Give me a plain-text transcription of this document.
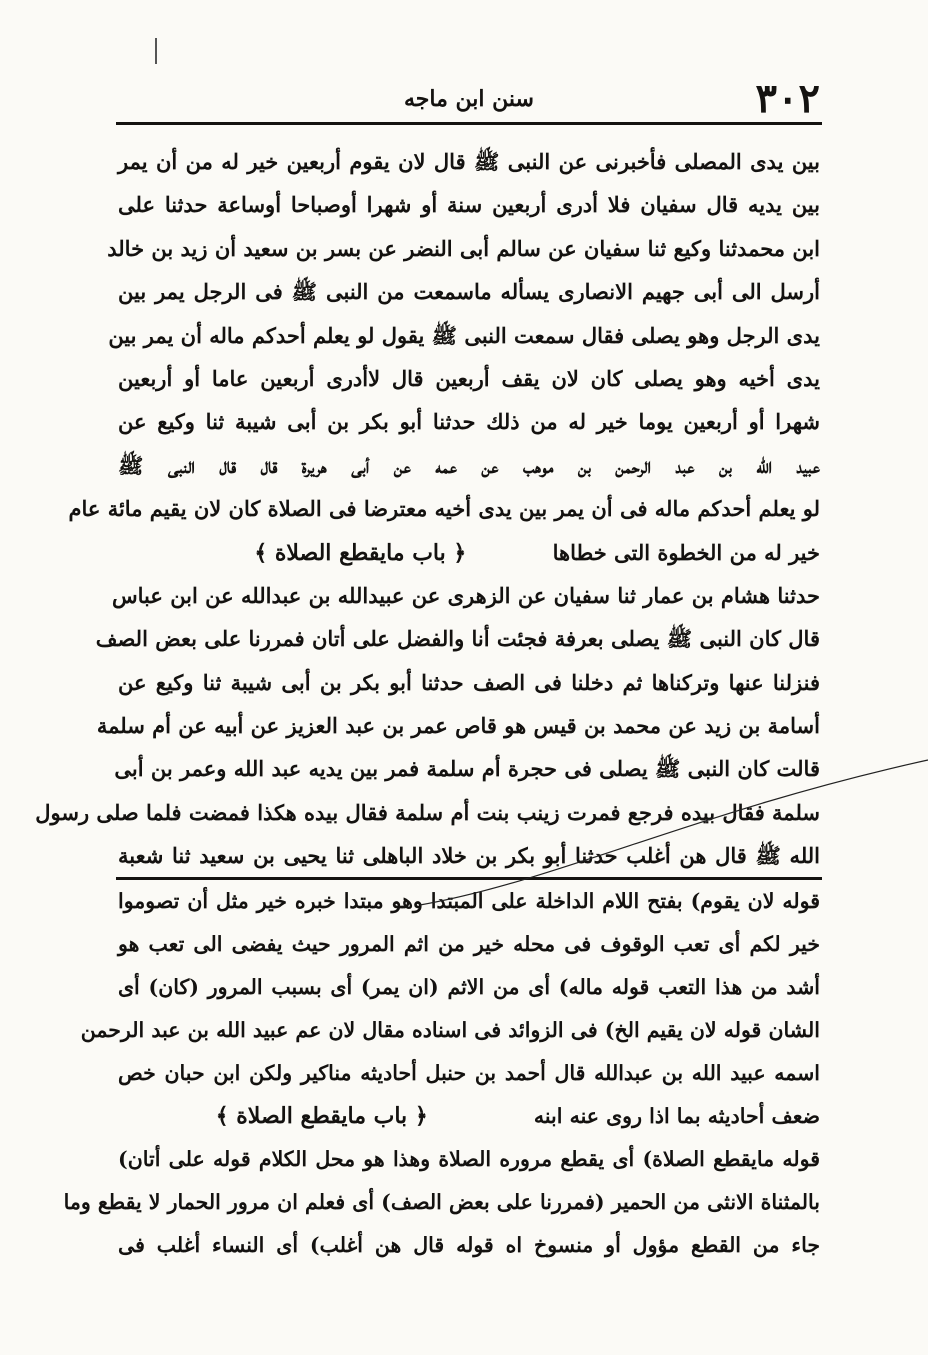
٣٠٢
سنن ابن ماجه
بين يدى المصلى فأخبرنى عن النبى ﷺ قال لان يقوم أربعين خير له من أن يمر
بين يديه قال سفيان فلا أدرى أربعين سنة أو شهرا أوصباحا أوساعة حدثنا على
ابن محمدثنا وكيع ثنا سفيان عن سالم أبى النضر عن بسر بن سعيد أن زيد بن خالد
أرسل الى أبى جهيم الانصارى يسأله ماسمعت من النبى ﷺ فى الرجل يمر بين
يدى الرجل وهو يصلى فقال سمعت النبى ﷺ يقول لو يعلم أحدكم ماله أن يمر بين
يدى أخيه وهو يصلى كان لان يقف أربعين قال لاأدرى أربعين عاما أو أربعين
شهرا أو أربعين يوما خير له من ذلك حدثنا أبو بكر بن أبى شيبة ثنا وكيع عن
عبيد الله بن عبد الرحمن بن موهب عن عمه عن أبى هريرة قال قال النبى ﷺ
لو يعلم أحدكم ماله فى أن يمر بين يدى أخيه معترضا فى الصلاة كان لان يقيم مائة عام
خير له من الخطوة التى خطاها ﴿ باب مايقطع الصلاة ﴾
حدثنا هشام بن عمار ثنا سفيان عن الزهرى عن عبيدالله بن عبدالله عن ابن عباس
قال كان النبى ﷺ يصلى بعرفة فجئت أنا والفضل على أتان فمررنا على بعض الصف
فنزلنا عنها وتركناها ثم دخلنا فى الصف حدثنا أبو بكر بن أبى شيبة ثنا وكيع عن
أسامة بن زيد عن محمد بن قيس هو قاص عمر بن عبد العزيز عن أبيه عن أم سلمة
قالت كان النبى ﷺ يصلى فى حجرة أم سلمة فمر بين يديه عبد الله وعمر بن أبى
سلمة فقال بيده فرجع فمرت زينب بنت أم سلمة فقال بيده هكذا فمضت فلما صلى رسول
الله ﷺ قال هن أغلب حدثنا أبو بكر بن خلاد الباهلى ثنا يحيى بن سعيد ثنا شعبة
قوله لان يقوم) بفتح اللام الداخلة على المبتدا وهو مبتدا خبره خير مثل أن تصوموا
خير لكم أى تعب الوقوف فى محله خير من اثم المرور حيث يفضى الى تعب هو
أشد من هذا التعب قوله ماله) أى من الاثم (ان يمر) أى بسبب المرور (كان) أى
الشان قوله لان يقيم الخ) فى الزوائد فى اسناده مقال لان عم عبيد الله بن عبد الرحمن
اسمه عبيد الله بن عبدالله قال أحمد بن حنبل أحاديثه مناكير ولكن ابن حبان خص
ضعف أحاديثه بما اذا روى عنه ابنه ﴿ باب مايقطع الصلاة ﴾
قوله مايقطع الصلاة) أى يقطع مروره الصلاة وهذا هو محل الكلام قوله على أتان)
بالمثناة الانثى من الحمير (فمررنا على بعض الصف) أى فعلم ان مرور الحمار لا يقطع وما
جاء من القطع مؤول أو منسوخ اه قوله قال هن أغلب) أى النساء أغلب فى
